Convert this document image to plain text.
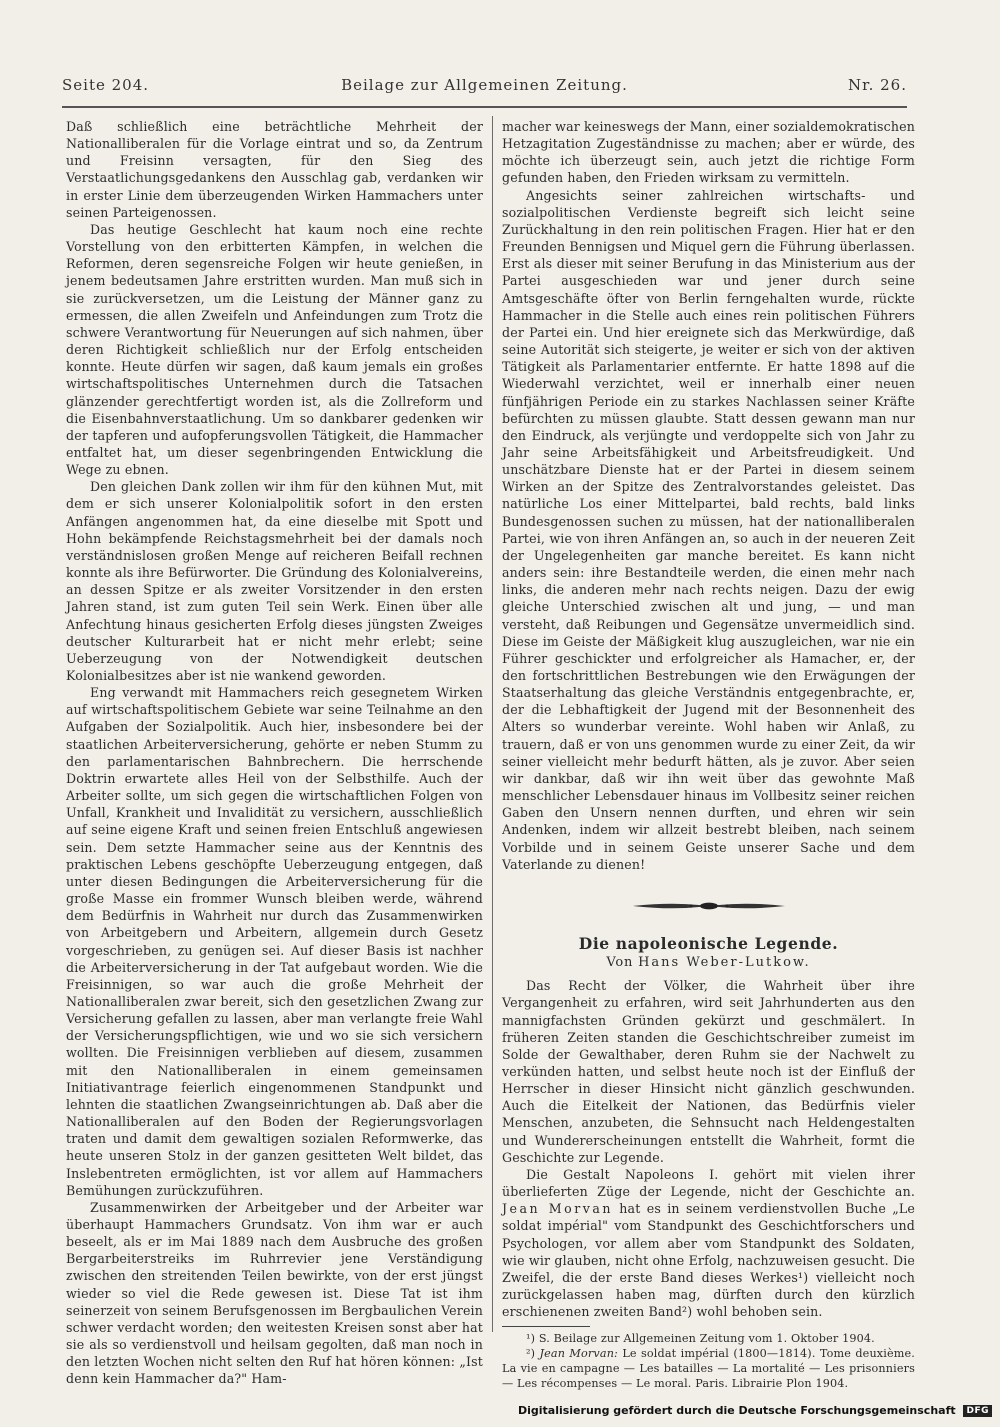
Seite 204.	Beilage zur Allgemeinen Zeitung.	Nr. 26.

Daß schließlich eine beträchtliche Mehrheit der Nationalliberalen für die Vorlage eintrat und so, da Zentrum und Freisinn versagten, für den Sieg des Verstaatlichungsgedankens den Ausschlag gab, verdanken wir in erster Linie dem überzeugenden Wirken Hammachers unter seinen Parteigenossen.

Das heutige Geschlecht hat kaum noch eine rechte Vorstellung von den erbitterten Kämpfen, in welchen die Reformen, deren segensreiche Folgen wir heute genießen, in jenem bedeutsamen Jahre erstritten wurden. Man muß sich in sie zurückversetzen, um die Leistung der Männer ganz zu ermessen, die allen Zweifeln und Anfeindungen zum Trotz die schwere Verantwortung für Neuerungen auf sich nahmen, über deren Richtigkeit schließlich nur der Erfolg entscheiden konnte. Heute dürfen wir sagen, daß kaum jemals ein großes wirtschaftspolitisches Unternehmen durch die Tatsachen glänzender gerechtfertigt worden ist, als die Zollreform und die Eisenbahnverstaatlichung. Um so dankbarer gedenken wir der tapferen und aufopferungsvollen Tätigkeit, die Hammacher entfaltet hat, um dieser segenbringenden Entwicklung die Wege zu ebnen.

Den gleichen Dank zollen wir ihm für den kühnen Mut, mit dem er sich unserer Kolonialpolitik sofort in den ersten Anfängen angenommen hat, da eine dieselbe mit Spott und Hohn bekämpfende Reichstagsmehrheit bei der damals noch verständnislosen großen Menge auf reicheren Beifall rechnen konnte als ihre Befürworter. Die Gründung des Kolonialvereins, an dessen Spitze er als zweiter Vorsitzender in den ersten Jahren stand, ist zum guten Teil sein Werk. Einen über alle Anfechtung hinaus gesicherten Erfolg dieses jüngsten Zweiges deutscher Kulturarbeit hat er nicht mehr erlebt; seine Ueberzeugung von der Notwendigkeit deutschen Kolonialbesitzes aber ist nie wankend geworden.

Eng verwandt mit Hammachers reich gesegnetem Wirken auf wirtschaftspolitischem Gebiete war seine Teilnahme an den Aufgaben der Sozialpolitik. Auch hier, insbesondere bei der staatlichen Arbeiterversicherung, gehörte er neben Stumm zu den parlamentarischen Bahnbrechern. Die herrschende Doktrin erwartete alles Heil von der Selbsthilfe. Auch der Arbeiter sollte, um sich gegen die wirtschaftlichen Folgen von Unfall, Krankheit und Invalidität zu versichern, ausschließlich auf seine eigene Kraft und seinen freien Entschluß angewiesen sein. Dem setzte Hammacher seine aus der Kenntnis des praktischen Lebens geschöpfte Ueberzeugung entgegen, daß unter diesen Bedingungen die Arbeiterversicherung für die große Masse ein frommer Wunsch bleiben werde, während dem Bedürfnis in Wahrheit nur durch das Zusammenwirken von Arbeitgebern und Arbeitern, allgemein durch Gesetz vorgeschrieben, zu genügen sei. Auf dieser Basis ist nachher die Arbeiterversicherung in der Tat aufgebaut worden. Wie die Freisinnigen, so war auch die große Mehrheit der Nationalliberalen zwar bereit, sich den gesetzlichen Zwang zur Versicherung gefallen zu lassen, aber man verlangte freie Wahl der Versicherungspflichtigen, wie und wo sie sich versichern wollten. Die Freisinnigen verblieben auf diesem, zusammen mit den Nationalliberalen in einem gemeinsamen Initiativantrage feierlich eingenommenen Standpunkt und lehnten die staatlichen Zwangseinrichtungen ab. Daß aber die Nationalliberalen auf den Boden der Regierungsvorlagen traten und damit dem gewaltigen sozialen Reformwerke, das heute unseren Stolz in der ganzen gesitteten Welt bildet, das Inslebentreten ermöglichten, ist vor allem auf Hammachers Bemühungen zurückzuführen.

Zusammenwirken der Arbeitgeber und der Arbeiter war überhaupt Hammachers Grundsatz. Von ihm war er auch beseelt, als er im Mai 1889 nach dem Ausbruche des großen Bergarbeiterstreiks im Ruhrrevier jene Verständigung zwischen den streitenden Teilen bewirkte, von der erst jüngst wieder so viel die Rede gewesen ist. Diese Tat ist ihm seinerzeit von seinem Berufsgenossen im Bergbaulichen Verein schwer verdacht worden; den weitesten Kreisen sonst aber hat sie als so verdienstvoll und heilsam gegolten, daß man noch in den letzten Wochen nicht selten den Ruf hat hören können: „Ist denn kein Hammacher da?" Ham-

macher war keineswegs der Mann, einer sozialdemokratischen Hetzagitation Zugeständnisse zu machen; aber er würde, des möchte ich überzeugt sein, auch jetzt die richtige Form gefunden haben, den Frieden wirksam zu vermitteln.

Angesichts seiner zahlreichen wirtschafts- und sozialpolitischen Verdienste begreift sich leicht seine Zurückhaltung in den rein politischen Fragen. Hier hat er den Freunden Bennigsen und Miquel gern die Führung überlassen. Erst als dieser mit seiner Berufung in das Ministerium aus der Partei ausgeschieden war und jener durch seine Amtsgeschäfte öfter von Berlin ferngehalten wurde, rückte Hammacher in die Stelle auch eines rein politischen Führers der Partei ein. Und hier ereignete sich das Merkwürdige, daß seine Autorität sich steigerte, je weiter er sich von der aktiven Tätigkeit als Parlamentarier entfernte. Er hatte 1898 auf die Wiederwahl verzichtet, weil er innerhalb einer neuen fünfjährigen Periode ein zu starkes Nachlassen seiner Kräfte befürchten zu müssen glaubte. Statt dessen gewann man nur den Eindruck, als verjüngte und verdoppelte sich von Jahr zu Jahr seine Arbeitsfähigkeit und Arbeitsfreudigkeit. Und unschätzbare Dienste hat er der Partei in diesem seinem Wirken an der Spitze des Zentralvorstandes geleistet. Das natürliche Los einer Mittelpartei, bald rechts, bald links Bundesgenossen suchen zu müssen, hat der nationalliberalen Partei, wie von ihren Anfängen an, so auch in der neueren Zeit der Ungelegenheiten gar manche bereitet. Es kann nicht anders sein: ihre Bestandteile werden, die einen mehr nach links, die anderen mehr nach rechts neigen. Dazu der ewig gleiche Unterschied zwischen alt und jung, — und man versteht, daß Reibungen und Gegensätze unvermeidlich sind. Diese im Geiste der Mäßigkeit klug auszugleichen, war nie ein Führer geschickter und erfolgreicher als Hamacher, er, der den fortschrittlichen Bestrebungen wie den Erwägungen der Staatserhaltung das gleiche Verständnis entgegenbrachte, er, der die Lebhaftigkeit der Jugend mit der Besonnenheit des Alters so wunderbar vereinte. Wohl haben wir Anlaß, zu trauern, daß er von uns genommen wurde zu einer Zeit, da wir seiner vielleicht mehr bedurft hätten, als je zuvor. Aber seien wir dankbar, daß wir ihn weit über das gewohnte Maß menschlicher Lebensdauer hinaus im Vollbesitz seiner reichen Gaben den Unsern nennen durften, und ehren wir sein Andenken, indem wir allzeit bestrebt bleiben, nach seinem Vorbilde und in seinem Geiste unserer Sache und dem Vaterlande zu dienen!

Die napoleonische Legende.
Von Hans Weber-Lutkow.

Das Recht der Völker, die Wahrheit über ihre Vergangenheit zu erfahren, wird seit Jahrhunderten aus den mannigfachsten Gründen gekürzt und geschmälert. In früheren Zeiten standen die Geschichtschreiber zumeist im Solde der Gewalthaber, deren Ruhm sie der Nachwelt zu verkünden hatten, und selbst heute noch ist der Einfluß der Herrscher in dieser Hinsicht nicht gänzlich geschwunden. Auch die Eitelkeit der Nationen, das Bedürfnis vieler Menschen, anzubeten, die Sehnsucht nach Heldengestalten und Wundererscheinungen entstellt die Wahrheit, formt die Geschichte zur Legende.

Die Gestalt Napoleons I. gehört mit vielen ihrer überlieferten Züge der Legende, nicht der Geschichte an. Jean Morvan hat es in seinem verdienstvollen Buche „Le soldat impérial" vom Standpunkt des Geschichtforschers und Psychologen, vor allem aber vom Standpunkt des Soldaten, wie wir glauben, nicht ohne Erfolg, nachzuweisen gesucht. Die Zweifel, die der erste Band dieses Werkes¹) vielleicht noch zurückgelassen haben mag, dürften durch den kürzlich erschienenen zweiten Band²) wohl behoben sein.

¹) S. Beilage zur Allgemeinen Zeitung vom 1. Oktober 1904.

²) Jean Morvan: Le soldat impérial (1800—1814). Tome deuxième. La vie en campagne — Les batailles — La mortalité — Les prisonniers — Les récompenses — Le moral. Paris. Librairie Plon 1904.

Digitalisierung gefördert durch die Deutsche Forschungsgemeinschaft DFG
